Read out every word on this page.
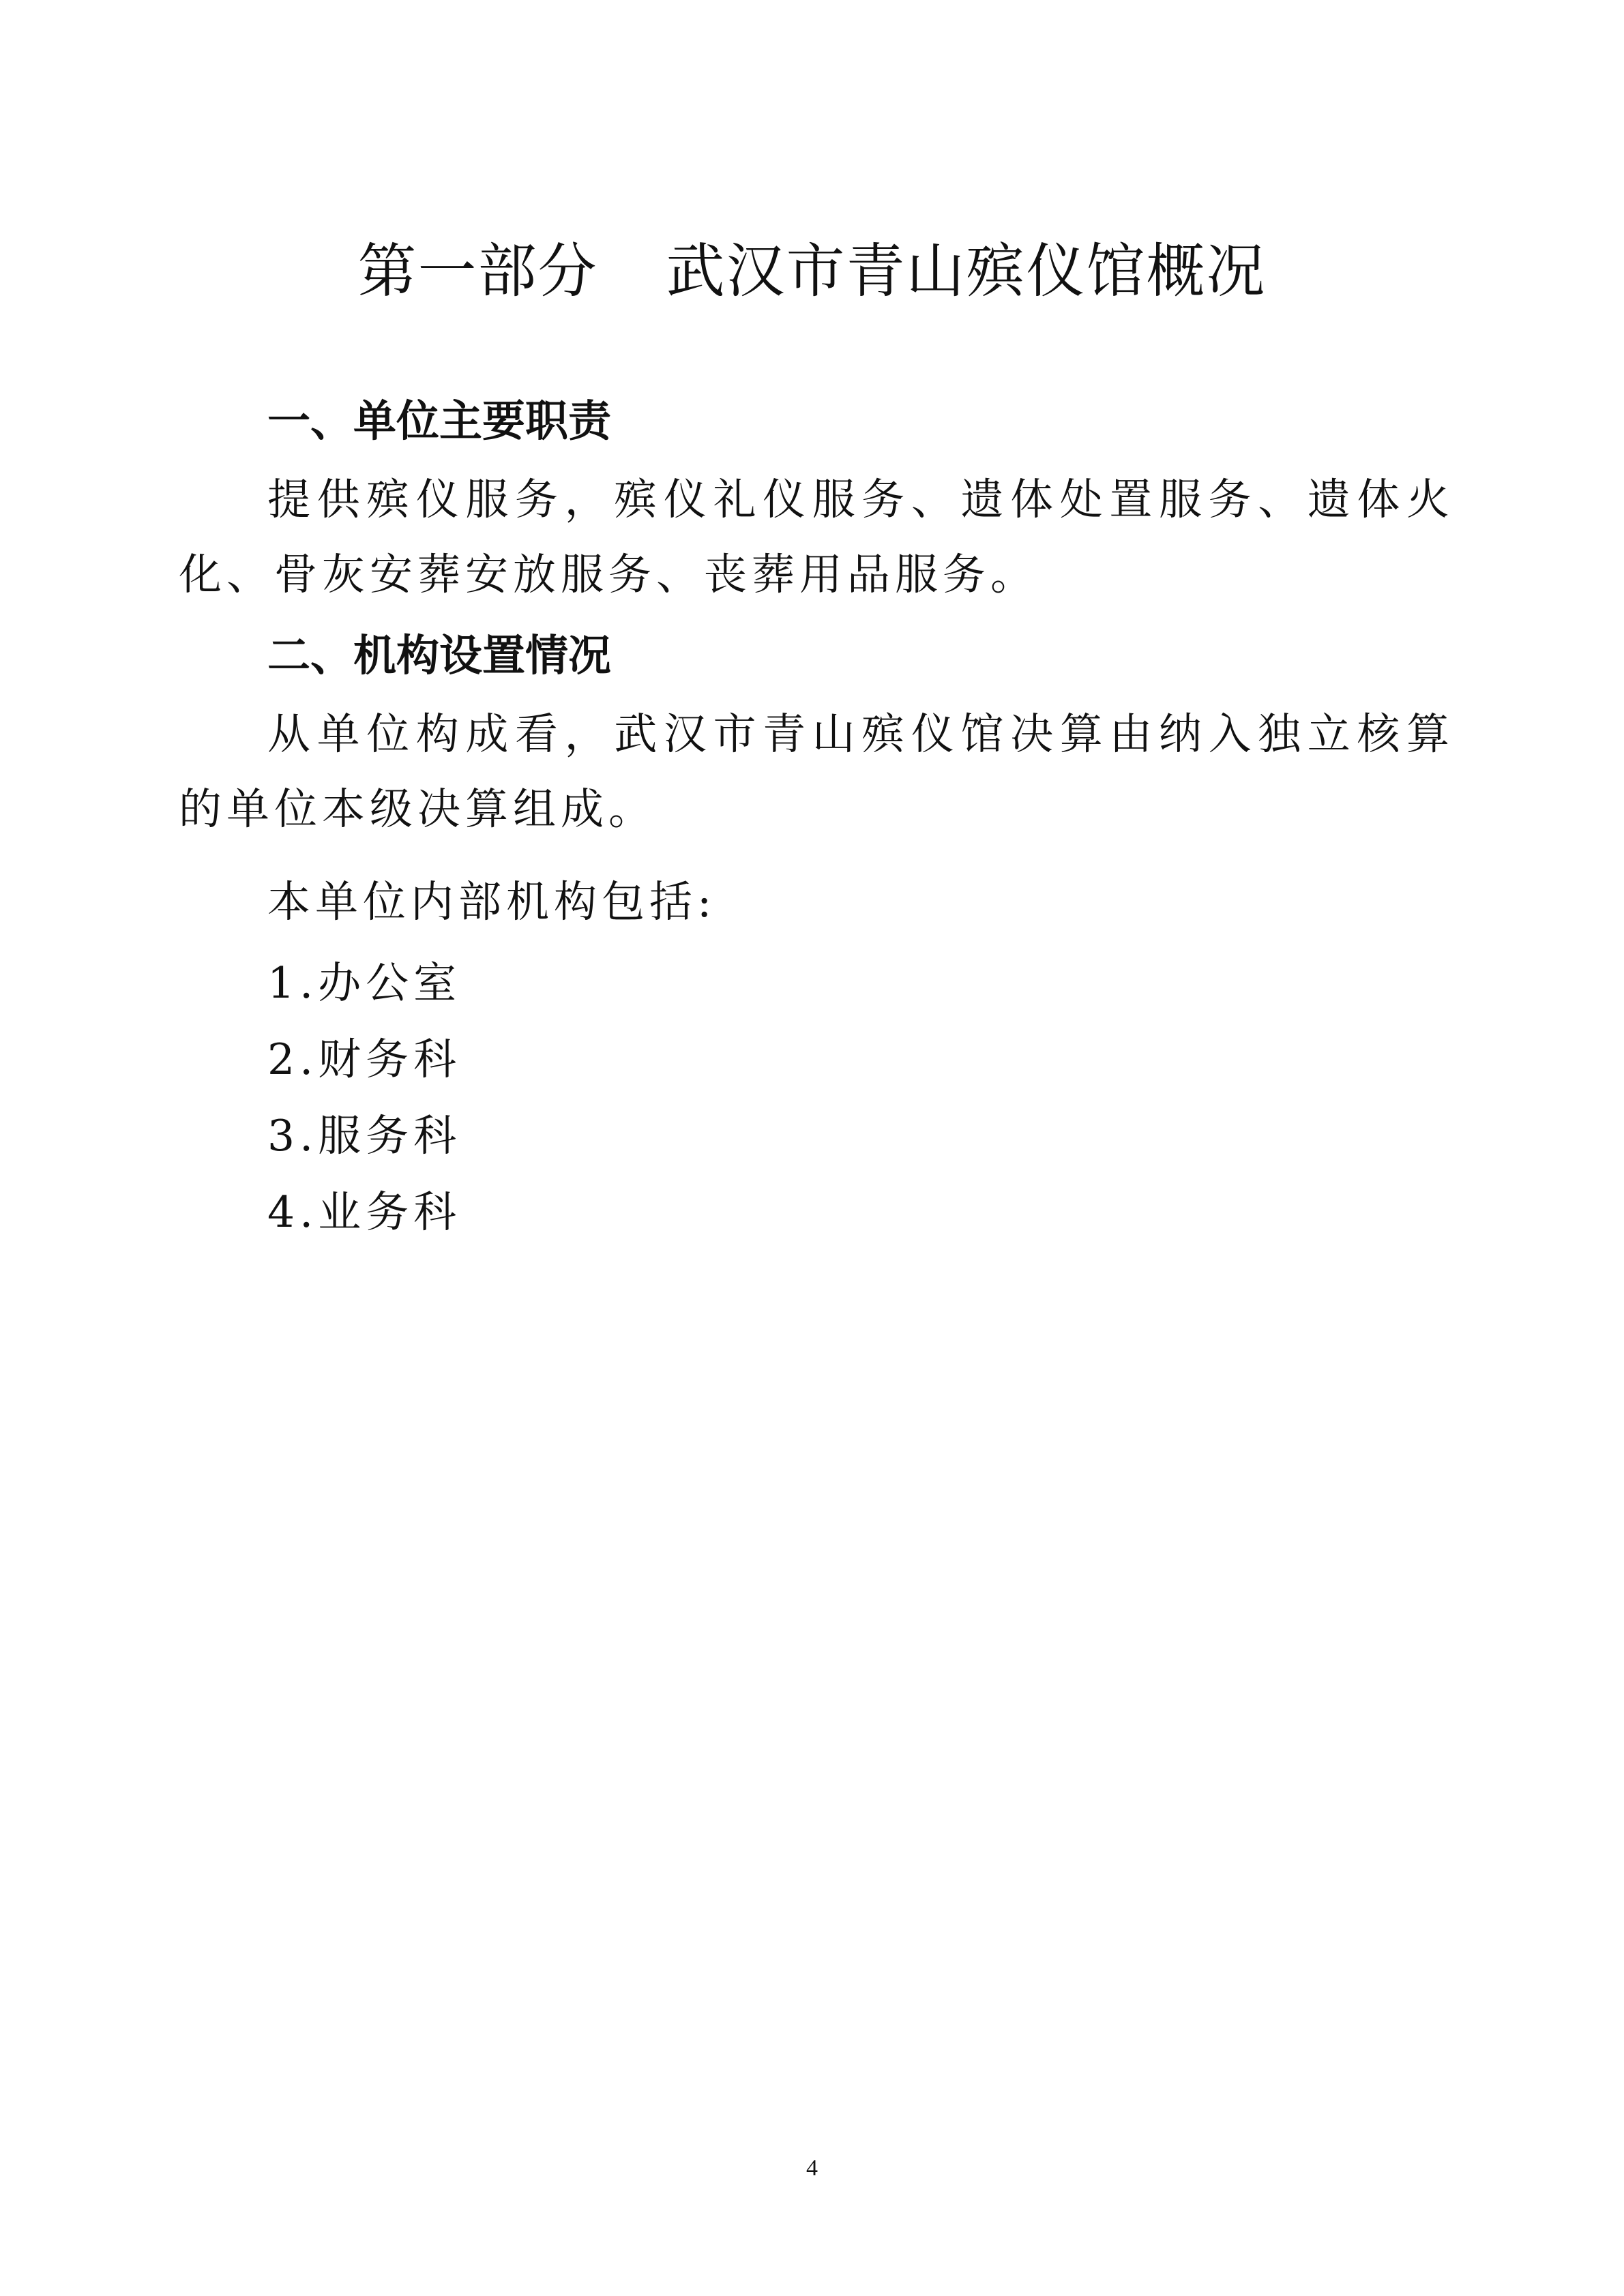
第一部分 武汉市青山殡仪馆概况
一、单位主要职责

提供殡仪服务，殡仪礼仪服务、遗体处置服务、遗体火化、骨灰安葬安放服务、丧葬用品服务。

二、机构设置情况

从单位构成看，武汉市青山殡仪馆决算由纳入独立核算的单位本级决算组成。

本单位内部机构包括:
1.办公室
2.财务科
3.服务科
4.业务科
4
